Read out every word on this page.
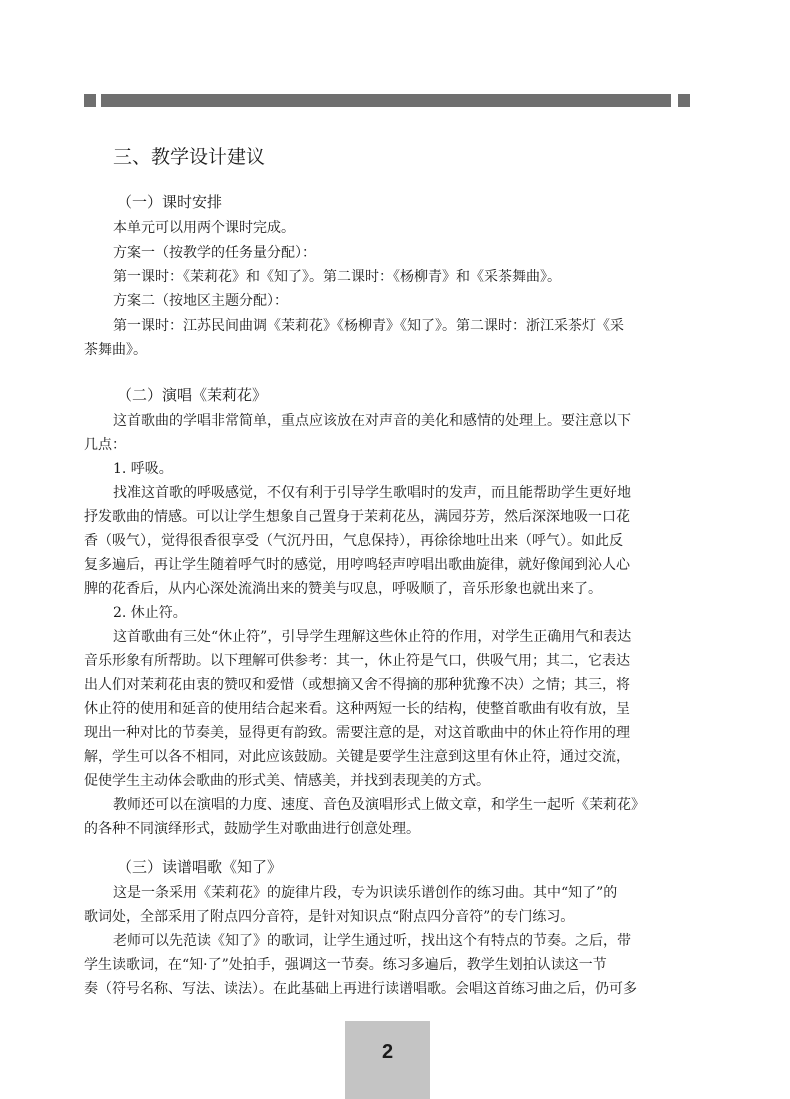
三、教学设计建议
（一）课时安排
本单元可以用两个课时完成。
方案一（按教学的任务量分配）：
第一课时：《茉莉花》和《知了》。第二课时：《杨柳青》和《采茶舞曲》。
方案二（按地区主题分配）：
第一课时：江苏民间曲调《茉莉花》《杨柳青》《知了》。第二课时：浙江采茶灯《采
茶舞曲》。
（二）演唱《茉莉花》
这首歌曲的学唱非常简单，重点应该放在对声音的美化和感情的处理上。要注意以下
几点：
1. 呼吸。
找准这首歌的呼吸感觉，不仅有利于引导学生歌唱时的发声，而且能帮助学生更好地
抒发歌曲的情感。可以让学生想象自己置身于茉莉花丛，满园芬芳，然后深深地吸一口花
香（吸气），觉得很香很享受（气沉丹田，气息保持），再徐徐地吐出来（呼气）。如此反
复多遍后，再让学生随着呼气时的感觉，用哼鸣轻声哼唱出歌曲旋律，就好像闻到沁人心
脾的花香后，从内心深处流淌出来的赞美与叹息，呼吸顺了，音乐形象也就出来了。
2. 休止符。
这首歌曲有三处“休止符”，引导学生理解这些休止符的作用，对学生正确用气和表达
音乐形象有所帮助。以下理解可供参考：其一，休止符是气口，供吸气用；其二，它表达
出人们对茉莉花由衷的赞叹和爱惜（或想摘又舍不得摘的那种犹豫不决）之情；其三，将
休止符的使用和延音的使用结合起来看。这种两短一长的结构，使整首歌曲有收有放，呈
现出一种对比的节奏美，显得更有韵致。需要注意的是，对这首歌曲中的休止符作用的理
解，学生可以各不相同，对此应该鼓励。关键是要学生注意到这里有休止符，通过交流，
促使学生主动体会歌曲的形式美、情感美，并找到表现美的方式。
教师还可以在演唱的力度、速度、音色及演唱形式上做文章，和学生一起听《茉莉花》
的各种不同演绎形式，鼓励学生对歌曲进行创意处理。
（三）读谱唱歌《知了》
这是一条采用《茉莉花》的旋律片段，专为识读乐谱创作的练习曲。其中“知了”的
歌词处，全部采用了附点四分音符，是针对知识点“附点四分音符”的专门练习。
老师可以先范读《知了》的歌词，让学生通过听，找出这个有特点的节奏。之后，带
学生读歌词，在“知·了”处拍手，强调这一节奏。练习多遍后，教学生划拍认读这一节
奏（符号名称、写法、读法）。在此基础上再进行读谱唱歌。会唱这首练习曲之后，仍可多
2
